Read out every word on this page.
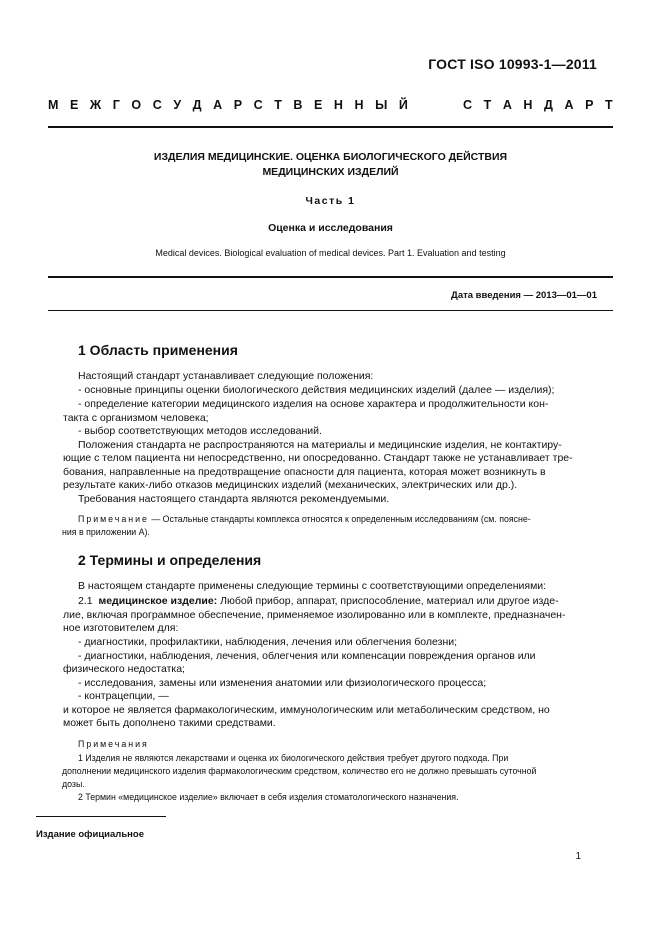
ГОСТ ISO 10993-1—2011
М Е Ж Г О С У Д А Р С Т В Е Н Н Ы Й	С Т А Н Д А Р Т
ИЗДЕЛИЯ МЕДИЦИНСКИЕ. ОЦЕНКА БИОЛОГИЧЕСКОГО ДЕЙСТВИЯ
МЕДИЦИНСКИХ ИЗДЕЛИЙ
Часть 1
Оценка и исследования
Medical devices. Biological evaluation of medical devices. Part 1. Evaluation and testing
Дата введения — 2013—01—01
1 Область применения
Настоящий стандарт устанавливает следующие положения:
- основные принципы оценки биологического действия медицинских изделий (далее — изделия);
- определение категории медицинского изделия на основе характера и продолжительности кон-
такта с организмом человека;
- выбор соответствующих методов исследований.
Положения стандарта не распространяются на материалы и медицинские изделия, не контактиру-
ющие с телом пациента ни непосредственно, ни опосредованно. Стандарт также не устанавливает тре-
бования, направленные на предотвращение опасности для пациента, которая может возникнуть в
результате каких-либо отказов медицинских изделий (механических, электрических или др.).
Требования настоящего стандарта являются рекомендуемыми.
Примечание — Остальные стандарты комплекса относятся к определенным исследованиям (см. поясне-
ния в приложении А).
2 Термины и определения
В настоящем стандарте применены следующие термины с соответствующими определениями:
2.1 медицинское изделие: Любой прибор, аппарат, приспособление, материал или другое изде-
лие, включая программное обеспечение, применяемое изолированно или в комплекте, предназначен-
ное изготовителем для:
- диагностики, профилактики, наблюдения, лечения или облегчения болезни;
- диагностики, наблюдения, лечения, облегчения или компенсации повреждения органов или
физического недостатка;
- исследования, замены или изменения анатомии или физиологического процесса;
- контрацепции, —
и которое не является фармакологическим, иммунологическим или метаболическим средством, но
может быть дополнено такими средствами.
Примечания
1 Изделия не являются лекарствами и оценка их биологического действия требует другого подхода. При
дополнении медицинского изделия фармакологическим средством, количество его не должно превышать суточной
дозы.
2 Термин «медицинское изделие» включает в себя изделия стоматологического назначения.
Издание официальное
1
